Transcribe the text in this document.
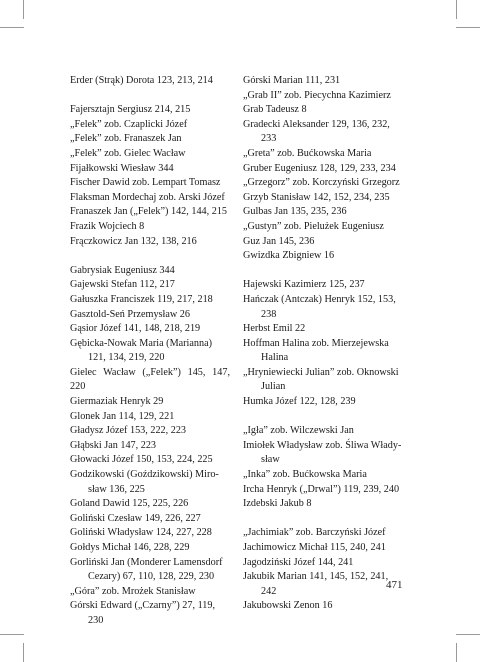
Erder (Strąk) Dorota 123, 213, 214
Fajersztajn Sergiusz 214, 215
„Felek” zob. Czaplicki Józef
„Felek” zob. Franaszek Jan
„Felek” zob. Gielec Wacław
Fijałkowski Wiesław 344
Fischer Dawid zob. Lempart Tomasz
Flaksman Mordechaj zob. Arski Józef
Franaszek Jan („Felek”) 142, 144, 215
Frazik Wojciech 8
Frączkowicz Jan 132, 138, 216
Gabrysiak Eugeniusz 344
Gajewski Stefan 112, 217
Gałuszka Franciszek 119, 217, 218
Gasztold-Seń Przemysław 26
Gąsior Józef 141, 148, 218, 219
Gębicka-Nowak Maria (Marianna)
121, 134, 219, 220
Gielec Wacław („Felek”) 145, 147, 220
Giermaziak Henryk 29
Glonek Jan 114, 129, 221
Gładysz Józef 153, 222, 223
Głąbski Jan 147, 223
Głowacki Józef 150, 153, 224, 225
Godzikowski (Goździkowski) Miro-
sław 136, 225
Goland Dawid 125, 225, 226
Goliński Czesław 149, 226, 227
Goliński Władysław 124, 227, 228
Gołdys Michał 146, 228, 229
Gorliński Jan (Monderer Lamensdorf
Cezary) 67, 110, 128, 229, 230
„Góra” zob. Mrożek Stanisław
Górski Edward („Czarny”) 27, 119,
230
Górski Marian 111, 231
„Grab II” zob. Piecychna Kazimierz
Grab Tadeusz 8
Gradecki Aleksander 129, 136, 232,
233
„Greta” zob. Bućkowska Maria
Gruber Eugeniusz 128, 129, 233, 234
„Grzegorz” zob. Korczyński Grzegorz
Grzyb Stanisław 142, 152, 234, 235
Gulbas Jan 135, 235, 236
„Gustyn” zob. Pielużek Eugeniusz
Guz Jan 145, 236
Gwizdka Zbigniew 16
Hajewski Kazimierz 125, 237
Hańczak (Antczak) Henryk 152, 153,
238
Herbst Emil 22
Hoffman Halina zob. Mierzejewska
Halina
„Hryniewiecki Julian” zob. Oknowski
Julian
Humka Józef 122, 128, 239
„Igła” zob. Wilczewski Jan
Imiołek Władysław zob. Śliwa Włady-
sław
„Inka” zob. Bućkowska Maria
Ircha Henryk („Drwal”) 119, 239, 240
Izdebski Jakub 8
„Jachimiak” zob. Barczyński Józef
Jachimowicz Michał 115, 240, 241
Jagodziński Józef 144, 241
Jakubik Marian 141, 145, 152, 241,
242
Jakubowski Zenon 16
471
